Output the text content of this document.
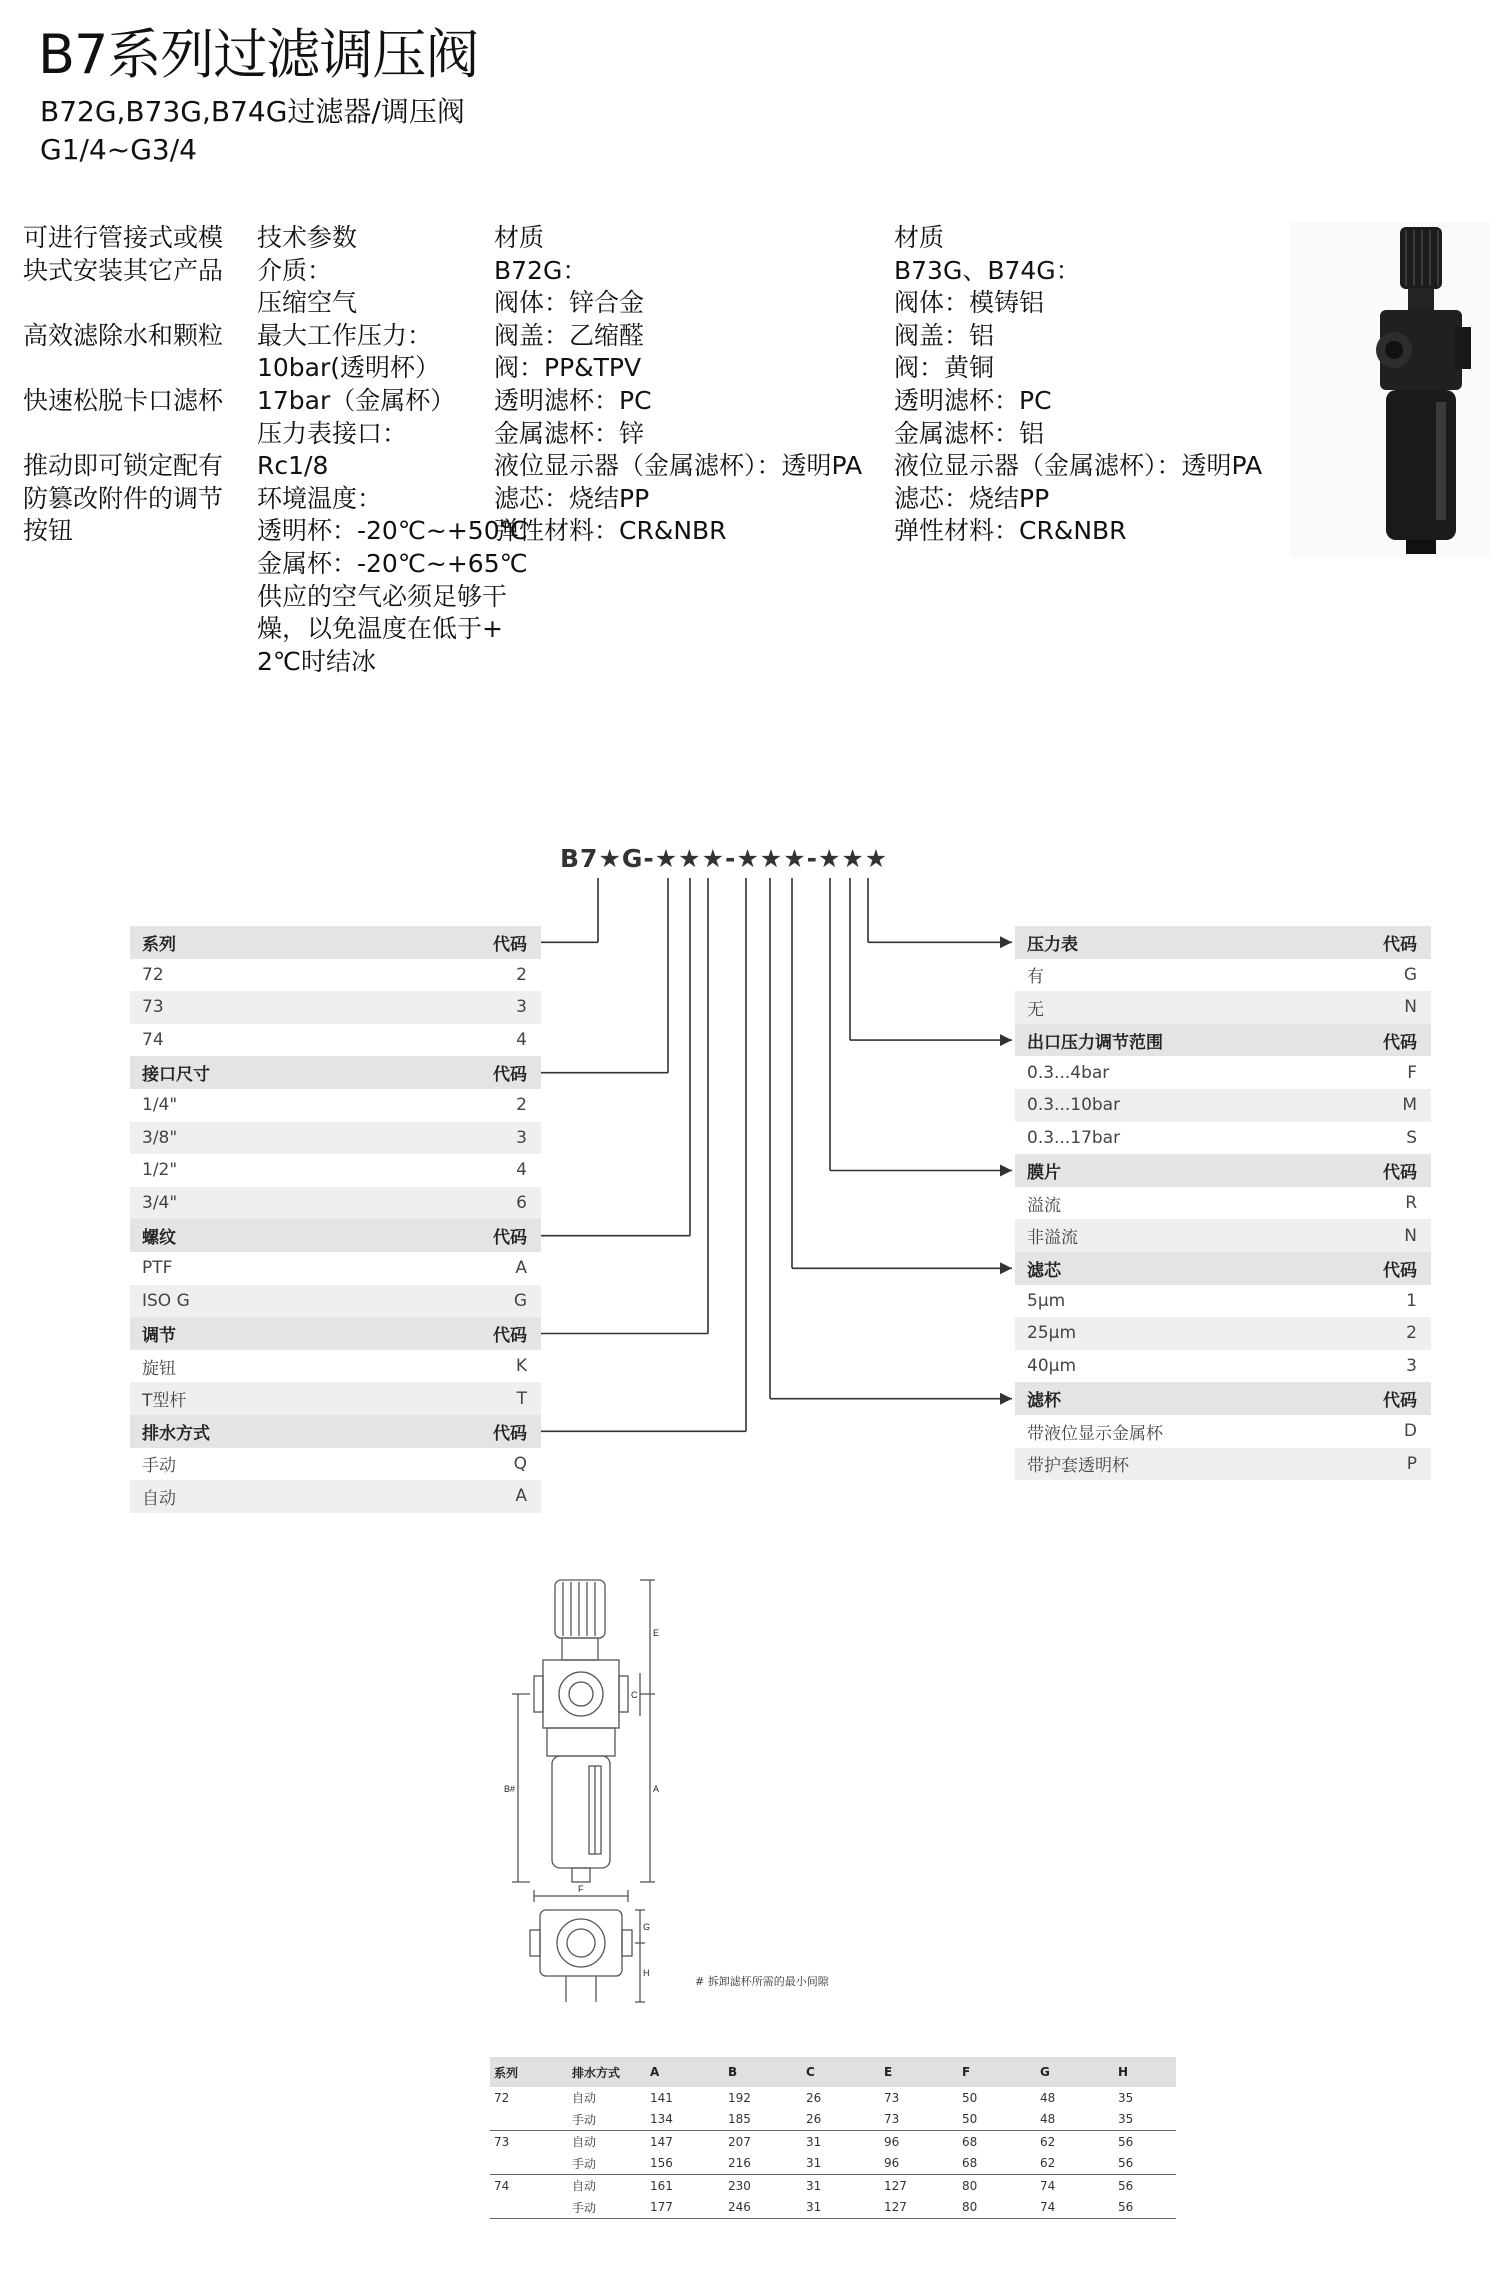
B7系列过滤调压阀
B72G,B73G,B74G过滤器/调压阀
G1/4~G3/4
可进行管接式或模
块式安装其它产品
高效滤除水和颗粒
快速松脱卡口滤杯
推动即可锁定配有
防篡改附件的调节
按钮
技术参数
介质：
压缩空气
最大工作压力：
10bar(透明杯）
17bar（金属杯）
压力表接口：
Rc1/8
环境温度：
透明杯：-20℃~+50℃
金属杯：-20℃~+65℃
供应的空气必须足够干
燥，以免温度在低于+
2℃时结冰
材质
B72G：
阀体：锌合金
阀盖：乙缩醛
阀：PP&TPV
透明滤杯：PC
金属滤杯：锌
液位显示器（金属滤杯）：透明PA
滤芯：烧结PP
弹性材料：CR&NBR
材质
B73G、B74G：
阀体：模铸铝
阀盖：铝
阀：黄铜
透明滤杯：PC
金属滤杯：铝
液位显示器（金属滤杯）：透明PA
滤芯：烧结PP
弹性材料：CR&NBR
B7★G-★★★-★★★-★★★
系列	代码
72	2
73	3
74	4
接口尺寸	代码
1/4"	2
3/8"	3
1/2"	4
3/4"	6
螺纹	代码
PTF	A
ISO G	G
调节	代码
旋钮	K
T型杆	T
排水方式	代码
手动	Q
自动	A
压力表	代码
有	G
无	N
出口压力调节范围	代码
0.3...4bar	F
0.3...10bar	M
0.3...17bar	S
膜片	代码
溢流	R
非溢流	N
滤芯	代码
5μm	1
25μm	2
40μm	3
滤杯	代码
带液位显示金属杯	D
带护套透明杯	P
E
C
A
B#
F
G
H
# 拆卸滤杯所需的最小间隙
系列	排水方式	A	B	C	E	F	G	H
72	自动	141	192	26	73	50	48	35
	手动	134	185	26	73	50	48	35
73	自动	147	207	31	96	68	62	56
	手动	156	216	31	96	68	62	56
74	自动	161	230	31	127	80	74	56
	手动	177	246	31	127	80	74	56
